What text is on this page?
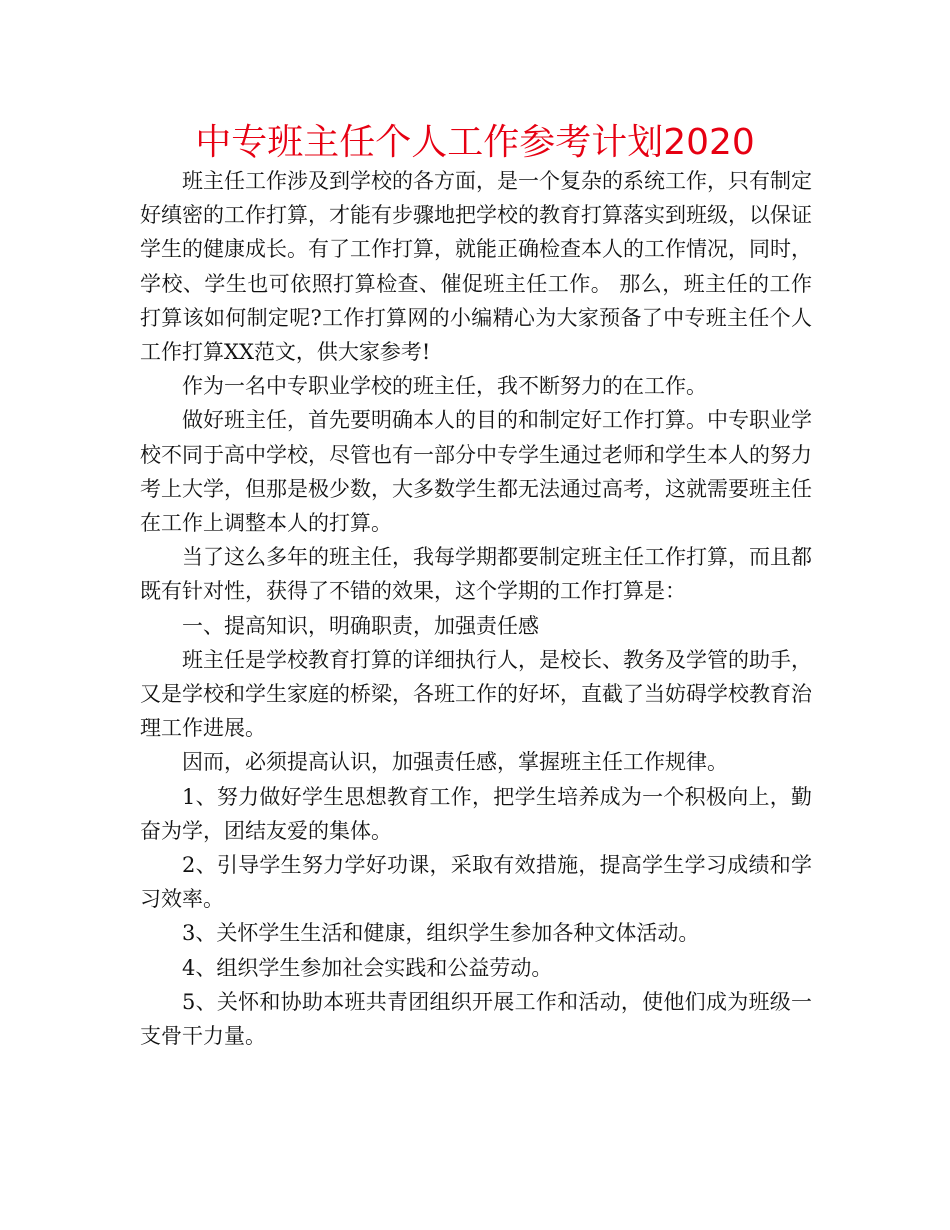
中专班主任个人工作参考计划2020

班主任工作涉及到学校的各方面，是一个复杂的系统工作，只有制定好缜密的工作打算，才能有步骤地把学校的教育打算落实到班级，以保证学生的健康成长。有了工作打算，就能正确检查本人的工作情况，同时，学校、学生也可依照打算检查、催促班主任工作。 那么，班主任的工作打算该如何制定呢?工作打算网的小编精心为大家预备了中专班主任个人工作打算XX范文，供大家参考!

作为一名中专职业学校的班主任，我不断努力的在工作。

做好班主任，首先要明确本人的目的和制定好工作打算。中专职业学校不同于高中学校，尽管也有一部分中专学生通过老师和学生本人的努力考上大学，但那是极少数，大多数学生都无法通过高考，这就需要班主任在工作上调整本人的打算。

当了这么多年的班主任，我每学期都要制定班主任工作打算，而且都既有针对性，获得了不错的效果，这个学期的工作打算是：

一、提高知识，明确职责，加强责任感

班主任是学校教育打算的详细执行人，是校长、教务及学管的助手，又是学校和学生家庭的桥梁，各班工作的好坏，直截了当妨碍学校教育治理工作进展。

因而，必须提高认识，加强责任感，掌握班主任工作规律。

1、努力做好学生思想教育工作，把学生培养成为一个积极向上，勤奋为学，团结友爱的集体。

2、引导学生努力学好功课，采取有效措施，提高学生学习成绩和学习效率。

3、关怀学生生活和健康，组织学生参加各种文体活动。

4、组织学生参加社会实践和公益劳动。

5、关怀和协助本班共青团组织开展工作和活动，使他们成为班级一支骨干力量。
